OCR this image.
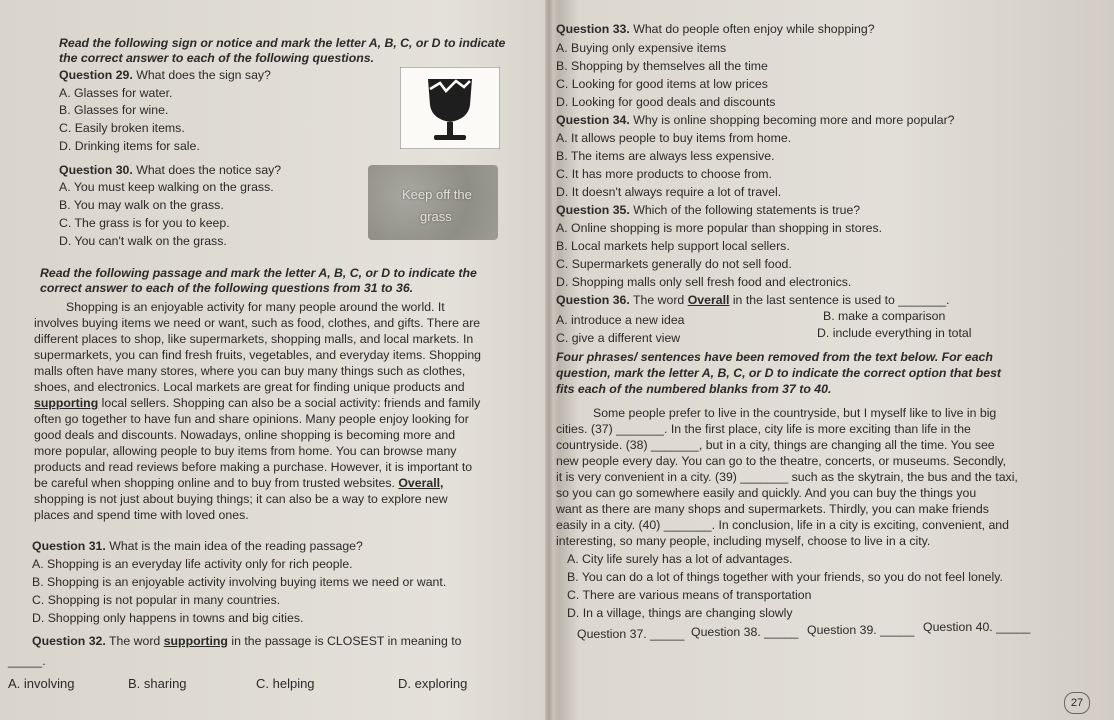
Read the following sign or notice and mark the letter A, B, C, or D to indicate
the correct answer to each of the following questions.
Question 29. What does the sign say?
A. Glasses for water.
B. Glasses for wine.
C. Easily broken items.
D. Drinking items for sale.
Question 30. What does the notice say?
A. You must keep walking on the grass.
B. You may walk on the grass.
C. The grass is for you to keep.
D. You can't walk on the grass.
Keep off the
grass
Read the following passage and mark the letter A, B, C, or D to indicate the
correct answer to each of the following questions from 31 to 36.
Shopping is an enjoyable activity for many people around the world. It
involves buying items we need or want, such as food, clothes, and gifts. There are
different places to shop, like supermarkets, shopping malls, and local markets. In
supermarkets, you can find fresh fruits, vegetables, and everyday items. Shopping
malls often have many stores, where you can buy many things such as clothes,
shoes, and electronics. Local markets are great for finding unique products and
supporting local sellers. Shopping can also be a social activity: friends and family
often go together to have fun and share opinions. Many people enjoy looking for
good deals and discounts. Nowadays, online shopping is becoming more and
more popular, allowing people to buy items from home. You can browse many
products and read reviews before making a purchase. However, it is important to
be careful when shopping online and to buy from trusted websites. Overall,
shopping is not just about buying things; it can also be a way to explore new
places and spend time with loved ones.
Question 31. What is the main idea of the reading passage?
A. Shopping is an everyday life activity only for rich people.
B. Shopping is an enjoyable activity involving buying items we need or want.
C. Shopping is not popular in many countries.
D. Shopping only happens in towns and big cities.
Question 32. The word supporting in the passage is CLOSEST in meaning to
_____.
A. involving	B. sharing	C. helping	D. exploring
Question 33. What do people often enjoy while shopping?
A. Buying only expensive items
B. Shopping by themselves all the time
C. Looking for good items at low prices
D. Looking for good deals and discounts
Question 34. Why is online shopping becoming more and more popular?
A. It allows people to buy items from home.
B. The items are always less expensive.
C. It has more products to choose from.
D. It doesn't always require a lot of travel.
Question 35. Which of the following statements is true?
A. Online shopping is more popular than shopping in stores.
B. Local markets help support local sellers.
C. Supermarkets generally do not sell food.
D. Shopping malls only sell fresh food and electronics.
Question 36. The word Overall in the last sentence is used to _______.
A. introduce a new idea	B. make a comparison
C. give a different view	D. include everything in total
Four phrases/ sentences have been removed from the text below. For each
question, mark the letter A, B, C, or D to indicate the correct option that best
fits each of the numbered blanks from 37 to 40.
Some people prefer to live in the countryside, but I myself like to live in big
cities. (37) _______. In the first place, city life is more exciting than life in the
countryside. (38) _______, but in a city, things are changing all the time. You see
new people every day. You can go to the theatre, concerts, or museums. Secondly,
it is very convenient in a city. (39) _______ such as the skytrain, the bus and the taxi,
so you can go somewhere easily and quickly. And you can buy the things you
want as there are many shops and supermarkets. Thirdly, you can make friends
easily in a city. (40) _______. In conclusion, life in a city is exciting, convenient, and
interesting, so many people, including myself, choose to live in a city.
A. City life surely has a lot of advantages.
B. You can do a lot of things together with your friends, so you do not feel lonely.
C. There are various means of transportation
D. In a village, things are changing slowly
Question 37. _____ Question 38. _____ Question 39. _____ Question 40. _____
27
